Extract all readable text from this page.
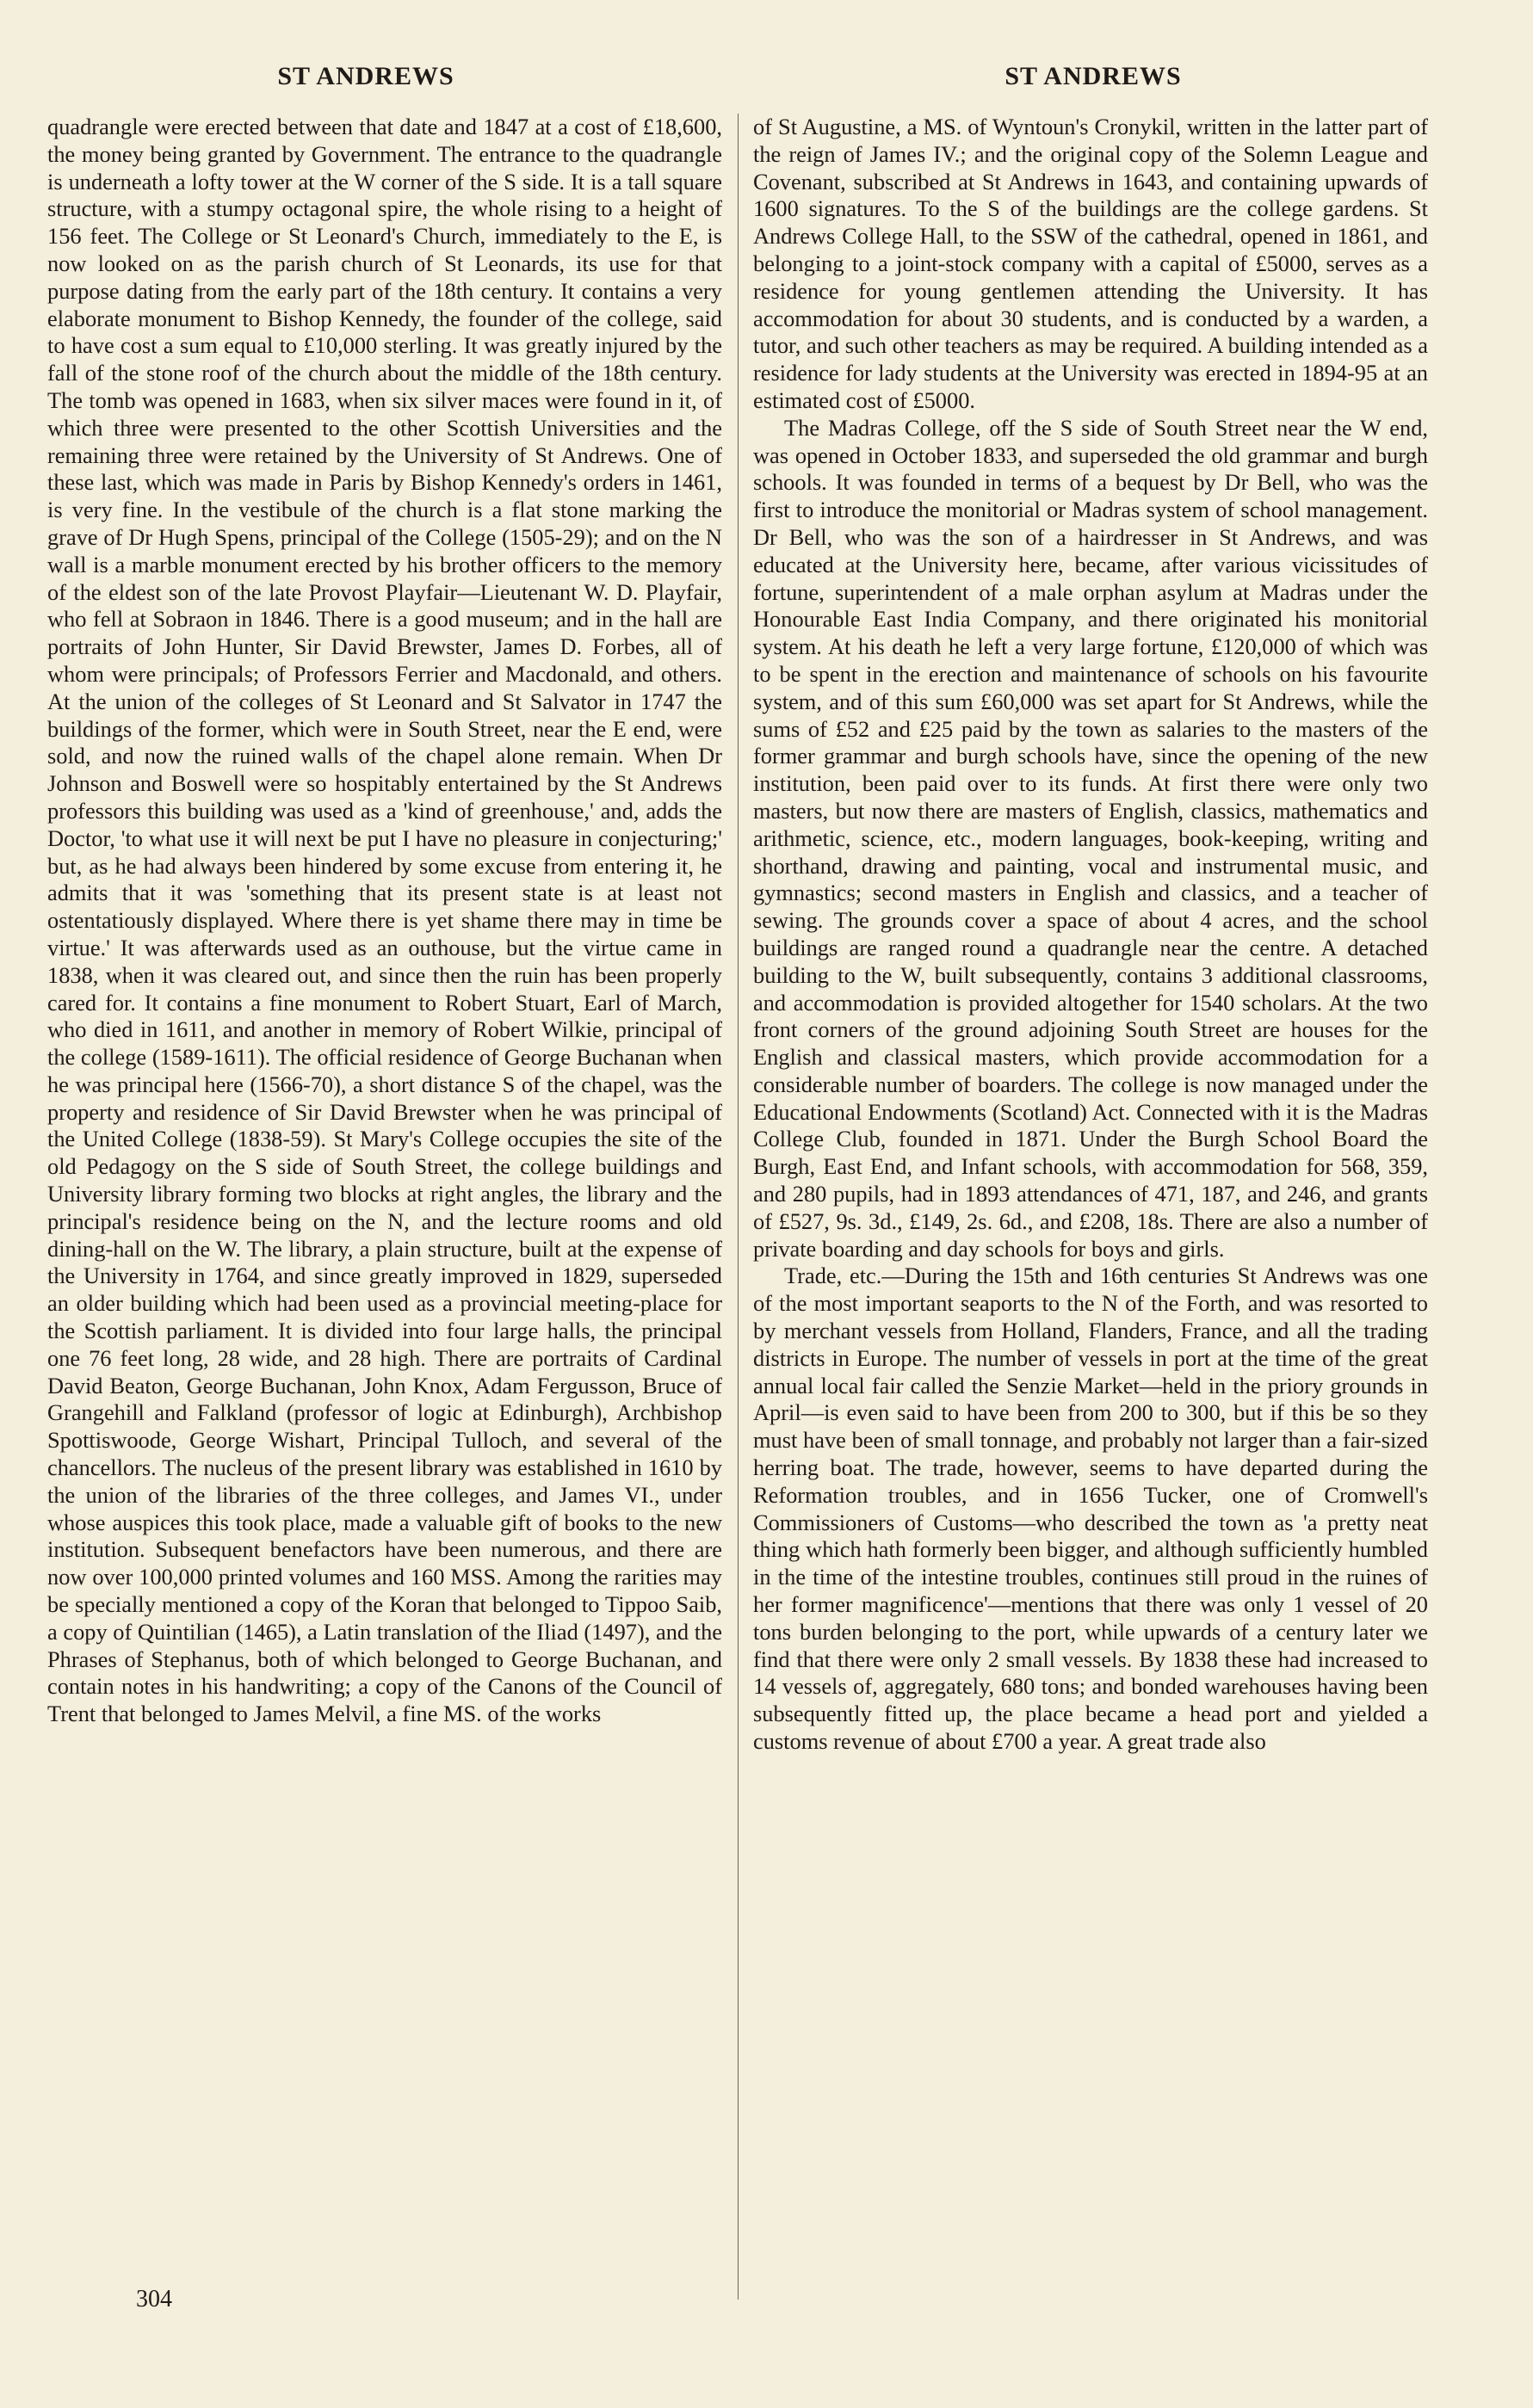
ST ANDREWS	ST ANDREWS

quadrangle were erected between that date and 1847 at a cost of £18,600, the money being granted by Government. The entrance to the quadrangle is underneath a lofty tower at the W corner of the S side. It is a tall square structure, with a stumpy octagonal spire, the whole rising to a height of 156 feet. The College or St Leonard's Church, immediately to the E, is now looked on as the parish church of St Leonards, its use for that purpose dating from the early part of the 18th century. It contains a very elaborate monument to Bishop Kennedy, the founder of the college, said to have cost a sum equal to £10,000 sterling. It was greatly injured by the fall of the stone roof of the church about the middle of the 18th century. The tomb was opened in 1683, when six silver maces were found in it, of which three were presented to the other Scottish Universities and the remaining three were retained by the University of St Andrews. One of these last, which was made in Paris by Bishop Kennedy's orders in 1461, is very fine. In the vestibule of the church is a flat stone marking the grave of Dr Hugh Spens, principal of the College (1505-29); and on the N wall is a marble monument erected by his brother officers to the memory of the eldest son of the late Provost Playfair—Lieutenant W. D. Playfair, who fell at Sobraon in 1846. There is a good museum; and in the hall are portraits of John Hunter, Sir David Brewster, James D. Forbes, all of whom were principals; of Professors Ferrier and Macdonald, and others. At the union of the colleges of St Leonard and St Salvator in 1747 the buildings of the former, which were in South Street, near the E end, were sold, and now the ruined walls of the chapel alone remain. When Dr Johnson and Boswell were so hospitably entertained by the St Andrews professors this building was used as a 'kind of greenhouse,' and, adds the Doctor, 'to what use it will next be put I have no pleasure in conjecturing;' but, as he had always been hindered by some excuse from entering it, he admits that it was 'something that its present state is at least not ostentatiously displayed. Where there is yet shame there may in time be virtue.' It was afterwards used as an outhouse, but the virtue came in 1838, when it was cleared out, and since then the ruin has been properly cared for. It contains a fine monument to Robert Stuart, Earl of March, who died in 1611, and another in memory of Robert Wilkie, principal of the college (1589-1611). The official residence of George Buchanan when he was principal here (1566-70), a short distance S of the chapel, was the property and residence of Sir David Brewster when he was principal of the United College (1838-59). St Mary's College occupies the site of the old Pedagogy on the S side of South Street, the college buildings and University library forming two blocks at right angles, the library and the principal's residence being on the N, and the lecture rooms and old dining-hall on the W. The library, a plain structure, built at the expense of the University in 1764, and since greatly improved in 1829, superseded an older building which had been used as a provincial meeting-place for the Scottish parliament. It is divided into four large halls, the principal one 76 feet long, 28 wide, and 28 high. There are portraits of Cardinal David Beaton, George Buchanan, John Knox, Adam Fergusson, Bruce of Grangehill and Falkland (professor of logic at Edinburgh), Archbishop Spottiswoode, George Wishart, Principal Tulloch, and several of the chancellors. The nucleus of the present library was established in 1610 by the union of the libraries of the three colleges, and James VI., under whose auspices this took place, made a valuable gift of books to the new institution. Subsequent benefactors have been numerous, and there are now over 100,000 printed volumes and 160 MSS. Among the rarities may be specially mentioned a copy of the Koran that belonged to Tippoo Saib, a copy of Quintilian (1465), a Latin translation of the Iliad (1497), and the Phrases of Stephanus, both of which belonged to George Buchanan, and contain notes in his handwriting; a copy of the Canons of the Council of Trent that belonged to James Melvil, a fine MS. of the works

of St Augustine, a MS. of Wyntoun's Cronykil, written in the latter part of the reign of James IV.; and the original copy of the Solemn League and Covenant, subscribed at St Andrews in 1643, and containing upwards of 1600 signatures. To the S of the buildings are the college gardens. St Andrews College Hall, to the SSW of the cathedral, opened in 1861, and belonging to a joint-stock company with a capital of £5000, serves as a residence for young gentlemen attending the University. It has accommodation for about 30 students, and is conducted by a warden, a tutor, and such other teachers as may be required. A building intended as a residence for lady students at the University was erected in 1894-95 at an estimated cost of £5000.

The Madras College, off the S side of South Street near the W end, was opened in October 1833, and superseded the old grammar and burgh schools. It was founded in terms of a bequest by Dr Bell, who was the first to introduce the monitorial or Madras system of school management. Dr Bell, who was the son of a hairdresser in St Andrews, and was educated at the University here, became, after various vicissitudes of fortune, superintendent of a male orphan asylum at Madras under the Honourable East India Company, and there originated his monitorial system. At his death he left a very large fortune, £120,000 of which was to be spent in the erection and maintenance of schools on his favourite system, and of this sum £60,000 was set apart for St Andrews, while the sums of £52 and £25 paid by the town as salaries to the masters of the former grammar and burgh schools have, since the opening of the new institution, been paid over to its funds. At first there were only two masters, but now there are masters of English, classics, mathematics and arithmetic, science, etc., modern languages, book-keeping, writing and shorthand, drawing and painting, vocal and instrumental music, and gymnastics; second masters in English and classics, and a teacher of sewing. The grounds cover a space of about 4 acres, and the school buildings are ranged round a quadrangle near the centre. A detached building to the W, built subsequently, contains 3 additional classrooms, and accommodation is provided altogether for 1540 scholars. At the two front corners of the ground adjoining South Street are houses for the English and classical masters, which provide accommodation for a considerable number of boarders. The college is now managed under the Educational Endowments (Scotland) Act. Connected with it is the Madras College Club, founded in 1871. Under the Burgh School Board the Burgh, East End, and Infant schools, with accommodation for 568, 359, and 280 pupils, had in 1893 attendances of 471, 187, and 246, and grants of £527, 9s. 3d., £149, 2s. 6d., and £208, 18s. There are also a number of private boarding and day schools for boys and girls.

Trade, etc.—During the 15th and 16th centuries St Andrews was one of the most important seaports to the N of the Forth, and was resorted to by merchant vessels from Holland, Flanders, France, and all the trading districts in Europe. The number of vessels in port at the time of the great annual local fair called the Senzie Market—held in the priory grounds in April—is even said to have been from 200 to 300, but if this be so they must have been of small tonnage, and probably not larger than a fair-sized herring boat. The trade, however, seems to have departed during the Reformation troubles, and in 1656 Tucker, one of Cromwell's Commissioners of Customs—who described the town as 'a pretty neat thing which hath formerly been bigger, and although sufficiently humbled in the time of the intestine troubles, continues still proud in the ruines of her former magnificence'—mentions that there was only 1 vessel of 20 tons burden belonging to the port, while upwards of a century later we find that there were only 2 small vessels. By 1838 these had increased to 14 vessels of, aggregately, 680 tons; and bonded warehouses having been subsequently fitted up, the place became a head port and yielded a customs revenue of about £700 a year. A great trade also

304
